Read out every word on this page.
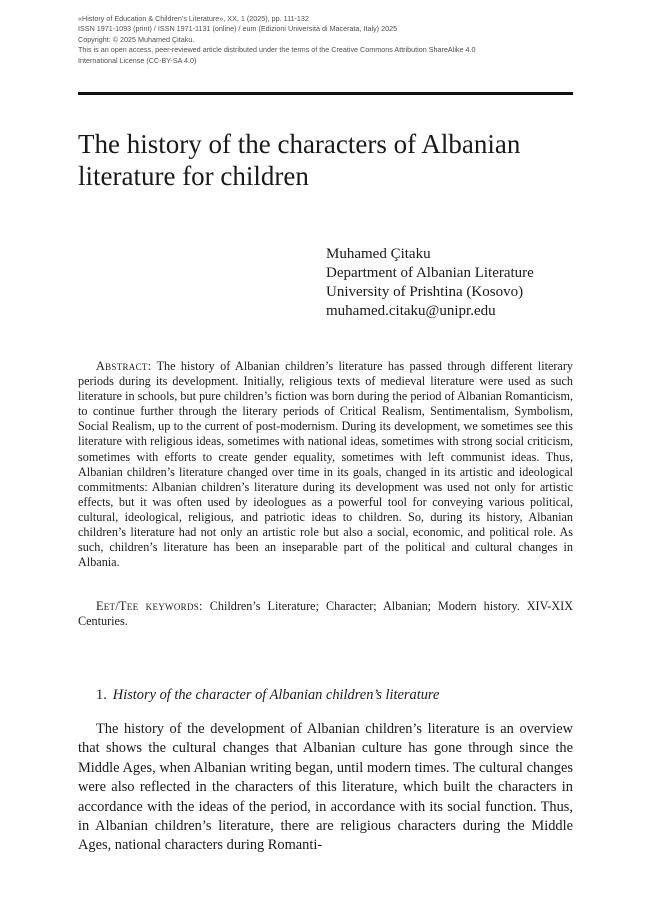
«History of Education & Children’s Literature», XX, 1 (2025), pp. 111-132
ISSN 1971-1093 (print) / ISSN 1971-1131 (online) / eum (Edizioni Università di Macerata, Italy) 2025
Copyright: © 2025 Muhamed Çitaku.
This is an open access, peer-reviewed article distributed under the terms of the Creative Commons Attribution ShareAlike 4.0
International License (CC-BY-SA 4.0)
The history of the characters of Albanian literature for children
Muhamed Çitaku
Department of Albanian Literature
University of Prishtina (Kosovo)
muhamed.citaku@unipr.edu

Abstract: The history of Albanian children’s literature has passed through different literary periods during its development. Initially, religious texts of medieval literature were used as such literature in schools, but pure children’s fiction was born during the period of Albanian Romanticism, to continue further through the literary periods of Critical Realism, Sentimentalism, Symbolism, Social Realism, up to the current of post-modernism. During its development, we sometimes see this literature with religious ideas, sometimes with national ideas, sometimes with strong social criticism, sometimes with efforts to create gender equality, sometimes with left communist ideas. Thus, Albanian children’s literature changed over time in its goals, changed in its artistic and ideological commitments: Albanian children’s literature during its development was used not only for artistic effects, but it was often used by ideologues as a powerful tool for conveying various political, cultural, ideological, religious, and patriotic ideas to children. So, during its history, Albanian children’s literature had not only an artistic role but also a social, economic, and political role. As such, children’s literature has been an inseparable part of the political and cultural changes in Albania.

Eet/Tee keywords: Children’s Literature; Character; Albanian; Modern history. XIV-XIX Centuries.

1. History of the character of Albanian children’s literature

The history of the development of Albanian children’s literature is an overview that shows the cultural changes that Albanian culture has gone through since the Middle Ages, when Albanian writing began, until modern times. The cultural changes were also reflected in the characters of this literature, which built the characters in accordance with the ideas of the period, in accordance with its social function. Thus, in Albanian children’s literature, there are religious characters during the Middle Ages, national characters during Romanti-
